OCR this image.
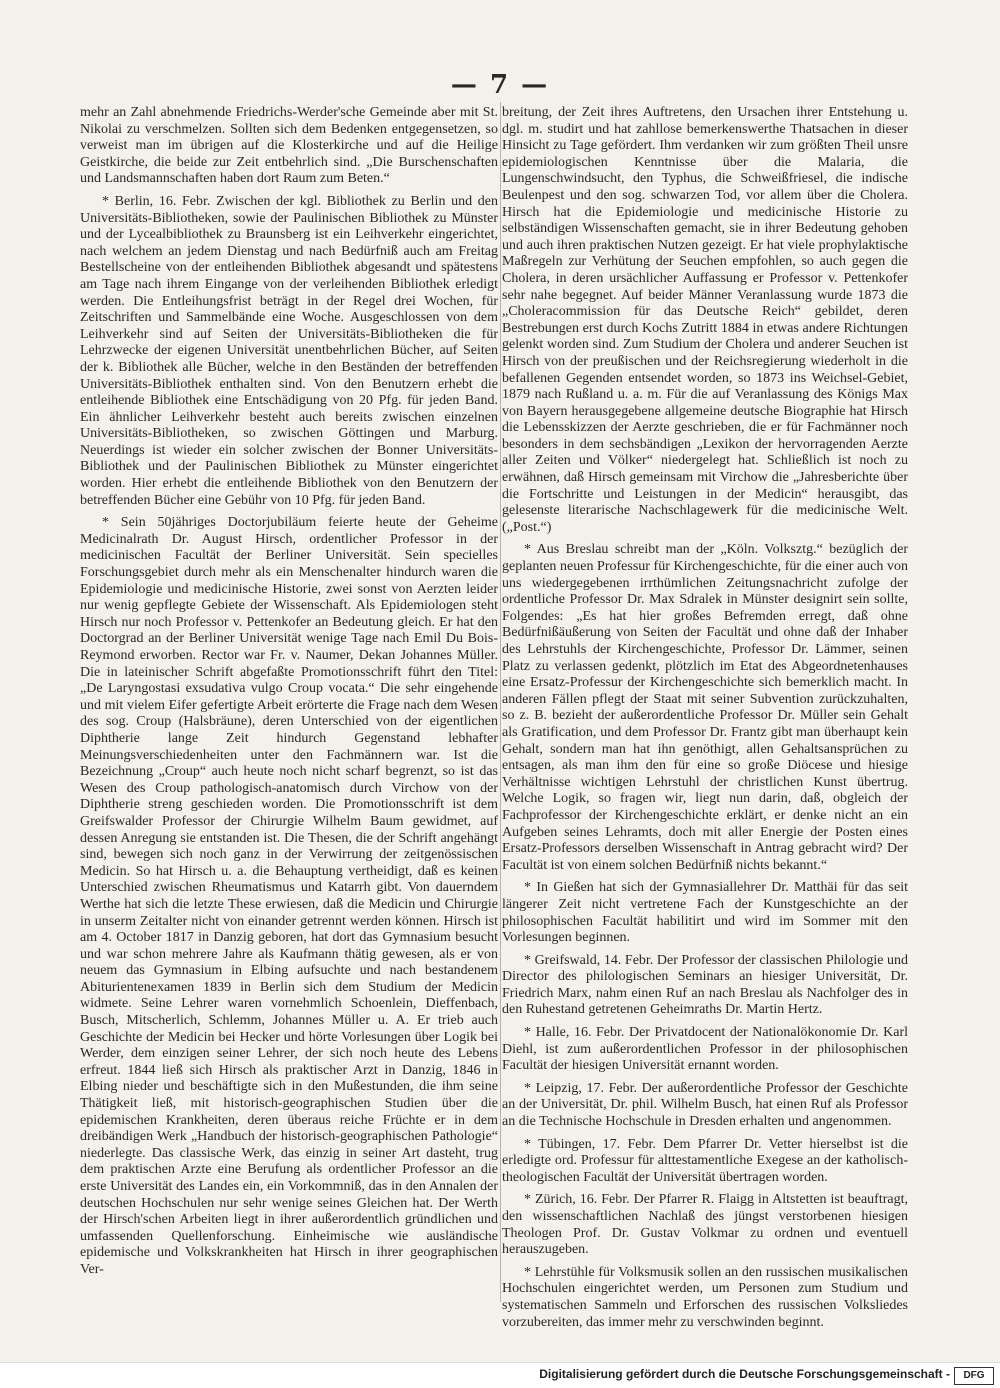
— 7 —

mehr an Zahl abnehmende Friedrichs-Werder'sche Gemeinde aber mit St. Nikolai zu verschmelzen. Sollten sich dem Bedenken entgegensetzen, so verweist man im übrigen auf die Klosterkirche und auf die Heilige Geistkirche, die beide zur Zeit entbehrlich sind. „Die Burschenschaften und Landsmannschaften haben dort Raum zum Beten.“

* Berlin, 16. Febr. Zwischen der kgl. Bibliothek zu Berlin und den Universitäts-Bibliotheken, sowie der Paulinischen Bibliothek zu Münster und der Lycealbibliothek zu Braunsberg ist ein Leihverkehr eingerichtet, nach welchem an jedem Dienstag und nach Bedürfniß auch am Freitag Bestellscheine von der entleihenden Bibliothek abgesandt und spätestens am Tage nach ihrem Eingange von der verleihenden Bibliothek erledigt werden. Die Entleihungsfrist beträgt in der Regel drei Wochen, für Zeitschriften und Sammelbände eine Woche. Ausgeschlossen von dem Leihverkehr sind auf Seiten der Universitäts-Bibliotheken die für Lehrzwecke der eigenen Universität unentbehrlichen Bücher, auf Seiten der k. Bibliothek alle Bücher, welche in den Beständen der betreffenden Universitäts-Bibliothek enthalten sind. Von den Benutzern erhebt die entleihende Bibliothek eine Entschädigung von 20 Pfg. für jeden Band. Ein ähnlicher Leihverkehr besteht auch bereits zwischen einzelnen Universitäts-Bibliotheken, so zwischen Göttingen und Marburg. Neuerdings ist wieder ein solcher zwischen der Bonner Universitäts-Bibliothek und der Paulinischen Bibliothek zu Münster eingerichtet worden. Hier erhebt die entleihende Bibliothek von den Benutzern der betreffenden Bücher eine Gebühr von 10 Pfg. für jeden Band.

* Sein 50jähriges Doctorjubiläum feierte heute der Geheime Medicinalrath Dr. August Hirsch, ordentlicher Professor in der medicinischen Facultät der Berliner Universität. Sein specielles Forschungsgebiet durch mehr als ein Menschenalter hindurch waren die Epidemiologie und medicinische Historie, zwei sonst von Aerzten leider nur wenig gepflegte Gebiete der Wissenschaft. Als Epidemiologen steht Hirsch nur noch Professor v. Pettenkofer an Bedeutung gleich. Er hat den Doctorgrad an der Berliner Universität wenige Tage nach Emil Du Bois-Reymond erworben. Rector war Fr. v. Naumer, Dekan Johannes Müller. Die in lateinischer Schrift abgefaßte Promotionsschrift führt den Titel: „De Laryngostasi exsudativa vulgo Croup vocata.“ Die sehr eingehende und mit vielem Eifer gefertigte Arbeit erörterte die Frage nach dem Wesen des sog. Croup (Halsbräune), deren Unterschied von der eigentlichen Diphtherie lange Zeit hindurch Gegenstand lebhafter Meinungsverschiedenheiten unter den Fachmännern war. Ist die Bezeichnung „Croup“ auch heute noch nicht scharf begrenzt, so ist das Wesen des Croup pathologisch-anatomisch durch Virchow von der Diphtherie streng geschieden worden. Die Promotionsschrift ist dem Greifswalder Professor der Chirurgie Wilhelm Baum gewidmet, auf dessen Anregung sie entstanden ist. Die Thesen, die der Schrift angehängt sind, bewegen sich noch ganz in der Verwirrung der zeitgenössischen Medicin. So hat Hirsch u. a. die Behauptung vertheidigt, daß es keinen Unterschied zwischen Rheumatismus und Katarrh gibt. Von dauerndem Werthe hat sich die letzte These erwiesen, daß die Medicin und Chirurgie in unserm Zeitalter nicht von einander getrennt werden können. Hirsch ist am 4. October 1817 in Danzig geboren, hat dort das Gymnasium besucht und war schon mehrere Jahre als Kaufmann thätig gewesen, als er von neuem das Gymnasium in Elbing aufsuchte und nach bestandenem Abiturientenexamen 1839 in Berlin sich dem Studium der Medicin widmete. Seine Lehrer waren vornehmlich Schoenlein, Dieffenbach, Busch, Mitscherlich, Schlemm, Johannes Müller u. A. Er trieb auch Geschichte der Medicin bei Hecker und hörte Vorlesungen über Logik bei Werder, dem einzigen seiner Lehrer, der sich noch heute des Lebens erfreut. 1844 ließ sich Hirsch als praktischer Arzt in Danzig, 1846 in Elbing nieder und beschäftigte sich in den Mußestunden, die ihm seine Thätigkeit ließ, mit historisch-geographischen Studien über die epidemischen Krankheiten, deren überaus reiche Früchte er in dem dreibändigen Werk „Handbuch der historisch-geographischen Pathologie“ niederlegte. Das classische Werk, das einzig in seiner Art dasteht, trug dem praktischen Arzte eine Berufung als ordentlicher Professor an die erste Universität des Landes ein, ein Vorkommniß, das in den Annalen der deutschen Hochschulen nur sehr wenige seines Gleichen hat. Der Werth der Hirsch'schen Arbeiten liegt in ihrer außerordentlich gründlichen und umfassenden Quellenforschung. Einheimische wie ausländische epidemische und Volkskrankheiten hat Hirsch in ihrer geographischen Ver-

breitung, der Zeit ihres Auftretens, den Ursachen ihrer Entstehung u. dgl. m. studirt und hat zahllose bemerkenswerthe Thatsachen in dieser Hinsicht zu Tage gefördert. Ihm verdanken wir zum größten Theil unsre epidemiologischen Kenntnisse über die Malaria, die Lungenschwindsucht, den Typhus, die Schweißfriesel, die indische Beulenpest und den sog. schwarzen Tod, vor allem über die Cholera. Hirsch hat die Epidemiologie und medicinische Historie zu selbständigen Wissenschaften gemacht, sie in ihrer Bedeutung gehoben und auch ihren praktischen Nutzen gezeigt. Er hat viele prophylaktische Maßregeln zur Verhütung der Seuchen empfohlen, so auch gegen die Cholera, in deren ursächlicher Auffassung er Professor v. Pettenkofer sehr nahe begegnet. Auf beider Männer Veranlassung wurde 1873 die „Choleracommission für das Deutsche Reich“ gebildet, deren Bestrebungen erst durch Kochs Zutritt 1884 in etwas andere Richtungen gelenkt worden sind. Zum Studium der Cholera und anderer Seuchen ist Hirsch von der preußischen und der Reichsregierung wiederholt in die befallenen Gegenden entsendet worden, so 1873 ins Weichsel-Gebiet, 1879 nach Rußland u. a. m. Für die auf Veranlassung des Königs Max von Bayern herausgegebene allgemeine deutsche Biographie hat Hirsch die Lebensskizzen der Aerzte geschrieben, die er für Fachmänner noch besonders in dem sechsbändigen „Lexikon der hervorragenden Aerzte aller Zeiten und Völker“ niedergelegt hat. Schließlich ist noch zu erwähnen, daß Hirsch gemeinsam mit Virchow die „Jahresberichte über die Fortschritte und Leistungen in der Medicin“ herausgibt, das gelesenste literarische Nachschlagewerk für die medicinische Welt. („Post.“)

* Aus Breslau schreibt man der „Köln. Volksztg.“ bezüglich der geplanten neuen Professur für Kirchengeschichte, für die einer auch von uns wiedergegebenen irrthümlichen Zeitungsnachricht zufolge der ordentliche Professor Dr. Max Sdralek in Münster designirt sein sollte, Folgendes: „Es hat hier großes Befremden erregt, daß ohne Bedürfnißäußerung von Seiten der Facultät und ohne daß der Inhaber des Lehrstuhls der Kirchengeschichte, Professor Dr. Lämmer, seinen Platz zu verlassen gedenkt, plötzlich im Etat des Abgeordnetenhauses eine Ersatz-Professur der Kirchengeschichte sich bemerklich macht. In anderen Fällen pflegt der Staat mit seiner Subvention zurückzuhalten, so z. B. bezieht der außerordentliche Professor Dr. Müller sein Gehalt als Gratification, und dem Professor Dr. Frantz gibt man überhaupt kein Gehalt, sondern man hat ihn genöthigt, allen Gehaltsansprüchen zu entsagen, als man ihm den für eine so große Diöcese und hiesige Verhältnisse wichtigen Lehrstuhl der christlichen Kunst übertrug. Welche Logik, so fragen wir, liegt nun darin, daß, obgleich der Fachprofessor der Kirchengeschichte erklärt, er denke nicht an ein Aufgeben seines Lehramts, doch mit aller Energie der Posten eines Ersatz-Professors derselben Wissenschaft in Antrag gebracht wird? Der Facultät ist von einem solchen Bedürfniß nichts bekannt.“

* In Gießen hat sich der Gymnasiallehrer Dr. Matthäi für das seit längerer Zeit nicht vertretene Fach der Kunstgeschichte an der philosophischen Facultät habilitirt und wird im Sommer mit den Vorlesungen beginnen.

* Greifswald, 14. Febr. Der Professor der classischen Philologie und Director des philologischen Seminars an hiesiger Universität, Dr. Friedrich Marx, nahm einen Ruf an nach Breslau als Nachfolger des in den Ruhestand getretenen Geheimraths Dr. Martin Hertz.

* Halle, 16. Febr. Der Privatdocent der Nationalökonomie Dr. Karl Diehl, ist zum außerordentlichen Professor in der philosophischen Facultät der hiesigen Universität ernannt worden.

* Leipzig, 17. Febr. Der außerordentliche Professor der Geschichte an der Universität, Dr. phil. Wilhelm Busch, hat einen Ruf als Professor an die Technische Hochschule in Dresden erhalten und angenommen.

* Tübingen, 17. Febr. Dem Pfarrer Dr. Vetter hierselbst ist die erledigte ord. Professur für alttestamentliche Exegese an der katholisch-theologischen Facultät der Universität übertragen worden.

* Zürich, 16. Febr. Der Pfarrer R. Flaigg in Altstetten ist beauftragt, den wissenschaftlichen Nachlaß des jüngst verstorbenen hiesigen Theologen Prof. Dr. Gustav Volkmar zu ordnen und eventuell herauszugeben.

* Lehrstühle für Volksmusik sollen an den russischen musikalischen Hochschulen eingerichtet werden, um Personen zum Studium und systematischen Sammeln und Erforschen des russischen Volksliedes vorzubereiten, das immer mehr zu verschwinden beginnt.

Digitalisierung gefördert durch die Deutsche Forschungsgemeinschaft -	DFG
